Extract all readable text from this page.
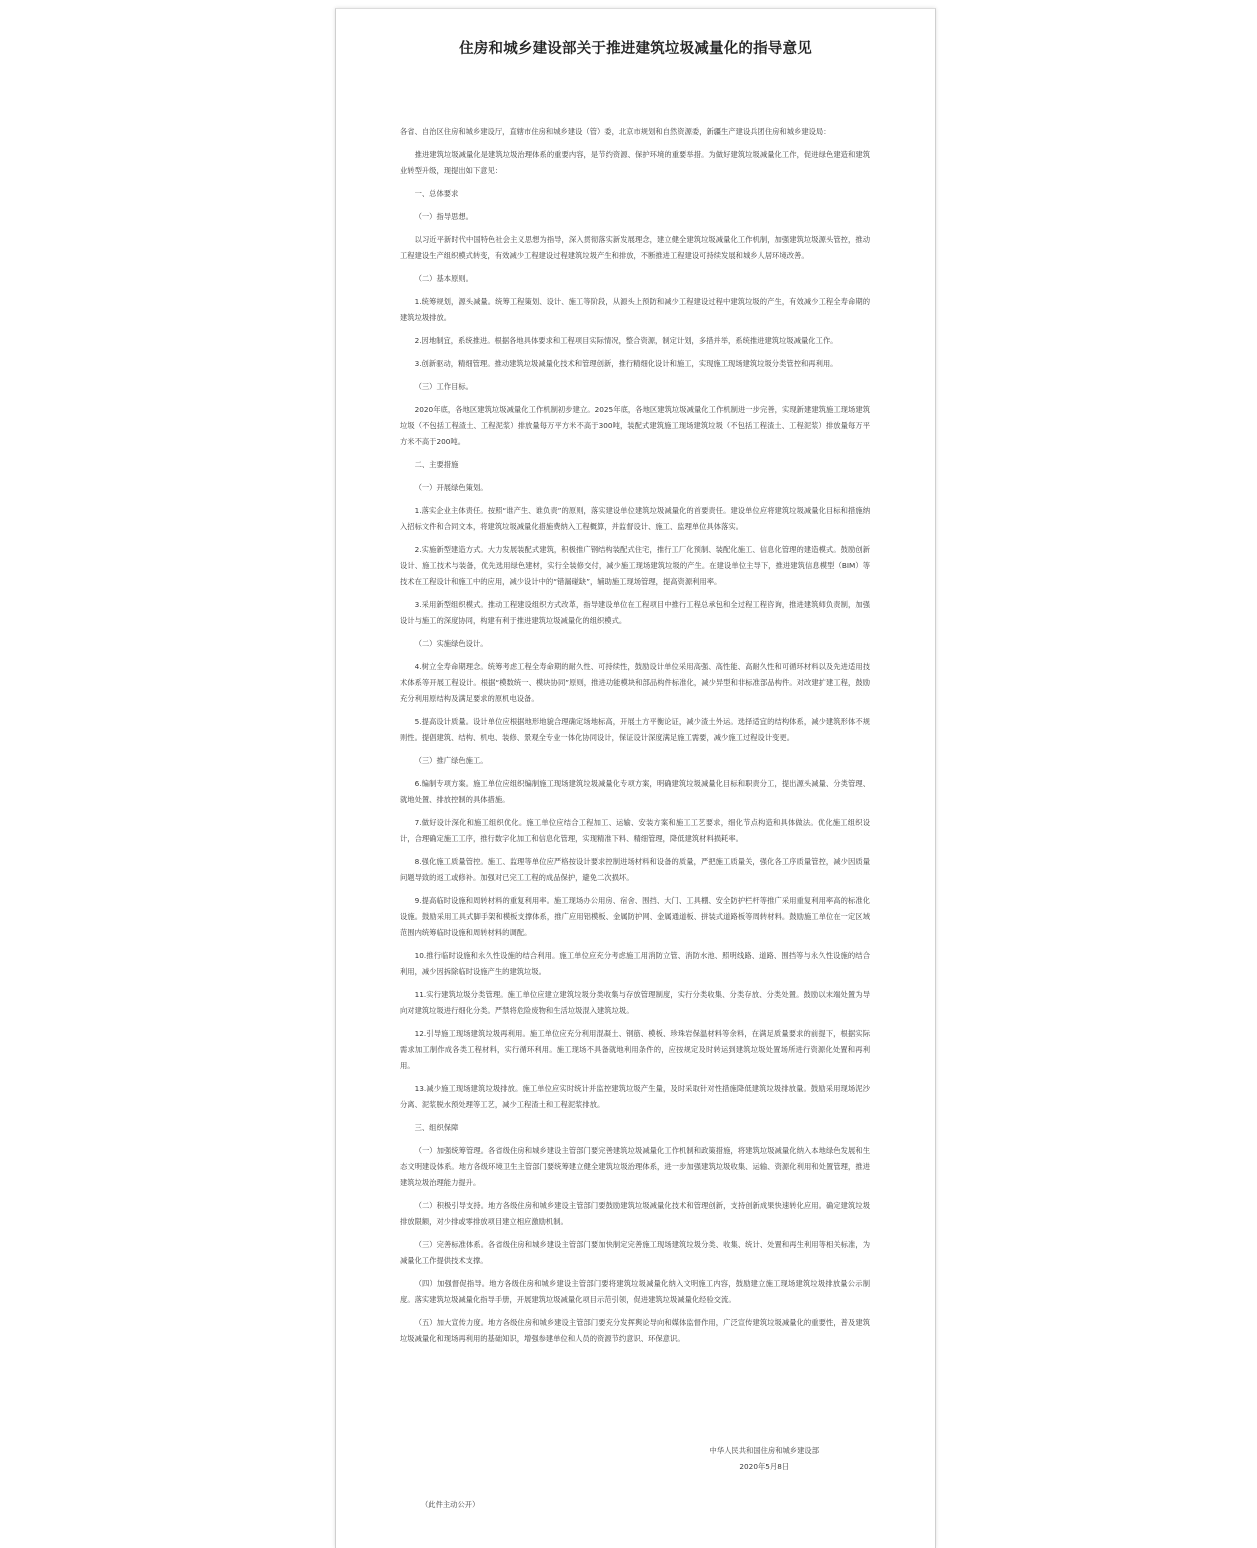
住房和城乡建设部关于推进建筑垃圾减量化的指导意见

各省、自治区住房和城乡建设厅，直辖市住房和城乡建设（管）委，北京市规划和自然资源委，新疆生产建设兵团住房和城乡建设局：

推进建筑垃圾减量化是建筑垃圾治理体系的重要内容，是节约资源、保护环境的重要举措。为做好建筑垃圾减量化工作，促进绿色建造和建筑业转型升级，现提出如下意见：

一、总体要求

（一）指导思想。

以习近平新时代中国特色社会主义思想为指导，深入贯彻落实新发展理念，建立健全建筑垃圾减量化工作机制，加强建筑垃圾源头管控，推动工程建设生产组织模式转变，有效减少工程建设过程建筑垃圾产生和排放，不断推进工程建设可持续发展和城乡人居环境改善。

（二）基本原则。

1.统筹规划，源头减量。统筹工程策划、设计、施工等阶段，从源头上预防和减少工程建设过程中建筑垃圾的产生，有效减少工程全寿命期的建筑垃圾排放。

2.因地制宜，系统推进。根据各地具体要求和工程项目实际情况，整合资源，制定计划，多措并举，系统推进建筑垃圾减量化工作。

3.创新驱动，精细管理。推动建筑垃圾减量化技术和管理创新，推行精细化设计和施工，实现施工现场建筑垃圾分类管控和再利用。

（三）工作目标。

2020年底，各地区建筑垃圾减量化工作机制初步建立。2025年底，各地区建筑垃圾减量化工作机制进一步完善，实现新建建筑施工现场建筑垃圾（不包括工程渣土、工程泥浆）排放量每万平方米不高于300吨，装配式建筑施工现场建筑垃圾（不包括工程渣土、工程泥浆）排放量每万平方米不高于200吨。

二、主要措施

（一）开展绿色策划。

1.落实企业主体责任。按照“谁产生、谁负责”的原则，落实建设单位建筑垃圾减量化的首要责任。建设单位应将建筑垃圾减量化目标和措施纳入招标文件和合同文本，将建筑垃圾减量化措施费纳入工程概算，并监督设计、施工、监理单位具体落实。

2.实施新型建造方式。大力发展装配式建筑，积极推广钢结构装配式住宅，推行工厂化预制、装配化施工、信息化管理的建造模式。鼓励创新设计、施工技术与装备，优先选用绿色建材，实行全装修交付，减少施工现场建筑垃圾的产生。在建设单位主导下，推进建筑信息模型（BIM）等技术在工程设计和施工中的应用，减少设计中的“错漏碰缺”，辅助施工现场管理，提高资源利用率。

3.采用新型组织模式。推动工程建设组织方式改革，指导建设单位在工程项目中推行工程总承包和全过程工程咨询，推进建筑师负责制，加强设计与施工的深度协同，构建有利于推进建筑垃圾减量化的组织模式。

（二）实施绿色设计。

4.树立全寿命期理念。统筹考虑工程全寿命期的耐久性、可持续性，鼓励设计单位采用高强、高性能、高耐久性和可循环材料以及先进适用技术体系等开展工程设计。根据“模数统一、模块协同”原则，推进功能模块和部品构件标准化，减少异型和非标准部品构件。对改建扩建工程，鼓励充分利用原结构及满足要求的原机电设备。

5.提高设计质量。设计单位应根据地形地貌合理确定场地标高，开展土方平衡论证，减少渣土外运。选择适宜的结构体系，减少建筑形体不规则性。提倡建筑、结构、机电、装修、景观全专业一体化协同设计，保证设计深度满足施工需要，减少施工过程设计变更。

（三）推广绿色施工。

6.编制专项方案。施工单位应组织编制施工现场建筑垃圾减量化专项方案，明确建筑垃圾减量化目标和职责分工，提出源头减量、分类管理、就地处置、排放控制的具体措施。

7.做好设计深化和施工组织优化。施工单位应结合工程加工、运输、安装方案和施工工艺要求，细化节点构造和具体做法。优化施工组织设计，合理确定施工工序，推行数字化加工和信息化管理，实现精准下料、精细管理，降低建筑材料损耗率。

8.强化施工质量管控。施工、监理等单位应严格按设计要求控制进场材料和设备的质量，严把施工质量关，强化各工序质量管控，减少因质量问题导致的返工或修补。加强对已完工工程的成品保护，避免二次损坏。

9.提高临时设施和周转材料的重复利用率。施工现场办公用房、宿舍、围挡、大门、工具棚、安全防护栏杆等推广采用重复利用率高的标准化设施。鼓励采用工具式脚手架和模板支撑体系，推广应用铝模板、金属防护网、金属通道板、拼装式道路板等周转材料。鼓励施工单位在一定区域范围内统筹临时设施和周转材料的调配。

10.推行临时设施和永久性设施的结合利用。施工单位应充分考虑施工用消防立管、消防水池、照明线路、道路、围挡等与永久性设施的结合利用，减少因拆除临时设施产生的建筑垃圾。

11.实行建筑垃圾分类管理。施工单位应建立建筑垃圾分类收集与存放管理制度，实行分类收集、分类存放、分类处置。鼓励以末端处置为导向对建筑垃圾进行细化分类。严禁将危险废物和生活垃圾混入建筑垃圾。

12.引导施工现场建筑垃圾再利用。施工单位应充分利用混凝土、钢筋、模板、珍珠岩保温材料等余料，在满足质量要求的前提下，根据实际需求加工制作成各类工程材料，实行循环利用。施工现场不具备就地利用条件的，应按规定及时转运到建筑垃圾处置场所进行资源化处置和再利用。

13.减少施工现场建筑垃圾排放。施工单位应实时统计并监控建筑垃圾产生量，及时采取针对性措施降低建筑垃圾排放量。鼓励采用现场泥沙分离、泥浆脱水预处理等工艺，减少工程渣土和工程泥浆排放。

三、组织保障

（一）加强统筹管理。各省级住房和城乡建设主管部门要完善建筑垃圾减量化工作机制和政策措施，将建筑垃圾减量化纳入本地绿色发展和生态文明建设体系。地方各级环境卫生主管部门要统筹建立健全建筑垃圾治理体系，进一步加强建筑垃圾收集、运输、资源化利用和处置管理，推进建筑垃圾治理能力提升。

（二）积极引导支持。地方各级住房和城乡建设主管部门要鼓励建筑垃圾减量化技术和管理创新，支持创新成果快速转化应用。确定建筑垃圾排放限额，对少排或零排放项目建立相应激励机制。

（三）完善标准体系。各省级住房和城乡建设主管部门要加快制定完善施工现场建筑垃圾分类、收集、统计、处置和再生利用等相关标准，为减量化工作提供技术支撑。

（四）加强督促指导。地方各级住房和城乡建设主管部门要将建筑垃圾减量化纳入文明施工内容，鼓励建立施工现场建筑垃圾排放量公示制度。落实建筑垃圾减量化指导手册，开展建筑垃圾减量化项目示范引领，促进建筑垃圾减量化经验交流。

（五）加大宣传力度。地方各级住房和城乡建设主管部门要充分发挥舆论导向和媒体监督作用，广泛宣传建筑垃圾减量化的重要性，普及建筑垃圾减量化和现场再利用的基础知识，增强参建单位和人员的资源节约意识、环保意识。

中华人民共和国住房和城乡建设部
2020年5月8日
（此件主动公开）
